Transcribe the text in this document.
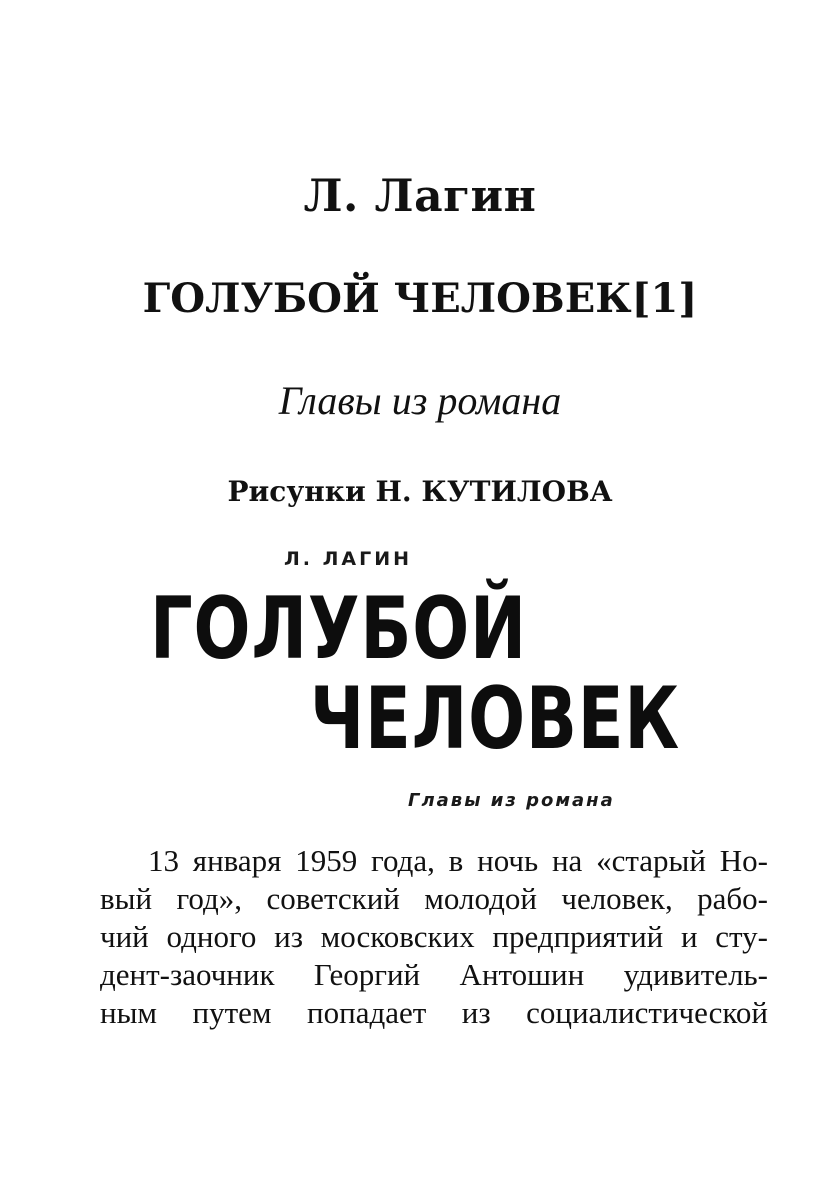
Л. Лагин
ГОЛУБОЙ ЧЕЛОВЕК[1]
Главы из романа
Рисунки Н. КУТИЛОВА
Л. ЛАГИН
ГОЛУБОЙ
ЧЕЛОВЕК
Главы из романа
13 января 1959 года, в ночь на «старый Но-
вый год», советский молодой человек, рабо-
чий одного из московских предприятий и сту-
дент-заочник Георгий Антошин удивитель-
ным путем попадает из социалистической
